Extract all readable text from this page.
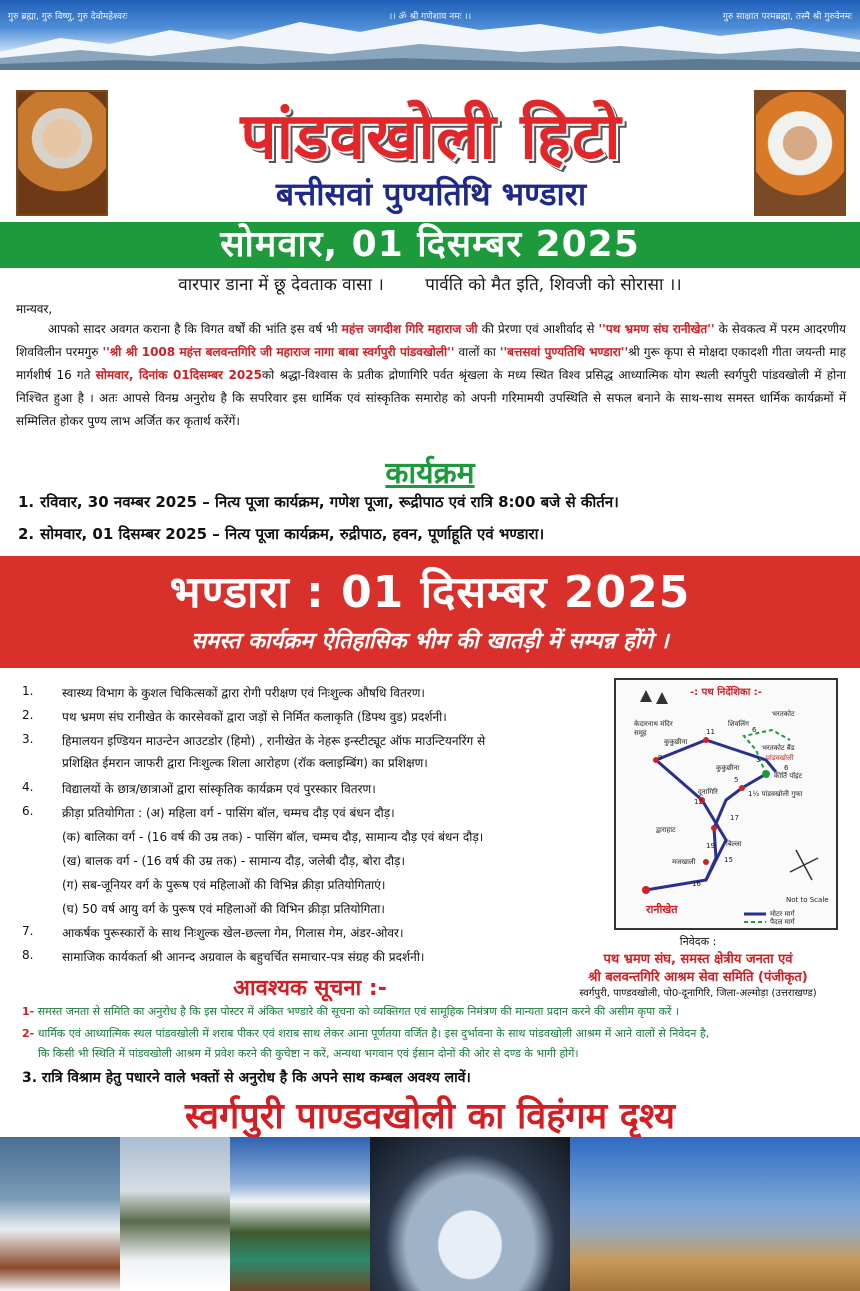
गुरु ब्रह्मा, गुरु विष्णु, गुरु देवोमहेश्वरः	।। ॐ श्री गणेशाय नमः ।।	गुरु साक्षात परमब्रह्मा, तस्मै श्री गुरुवेनमः
पांडवखोली हिटो
बत्तीसवां पुण्यतिथि भण्डारा
सोमवार, 01 दिसम्बर 2025
वारपार डाना में छू देवताक वासा । पार्वति को मैत इति, शिवजी को सोरासा ।।
मान्यवर,
आपको सादर अवगत कराना है कि विगत वर्षों की भांति इस वर्ष भी महंत्त जगदीश गिरि महाराज जी की प्रेरणा एवं आशीर्वाद से ''पथ भ्रमण संघ रानीखेत'' के सेवकत्व में परम आदरणीय शिवविलीन परमगुरु ''श्री श्री 1008 महंत्त बलवन्तगिरि जी महाराज नागा बाबा स्वर्गपुरी पांडवखोली'' वालों का ''बत्तसवां पुण्यतिथि भण्डारा''श्री गुरू कृपा से मोक्षदा एकादशी गीता जयन्ती माह मार्गशीर्ष 16 गते सोमवार, दिनांक 01दिसम्बर 2025को श्रद्धा-विश्वास के प्रतीक द्रोणागिरि पर्वत श्रृंखला के मध्य स्थित विश्व प्रसिद्ध आध्यात्मिक योग स्थली स्वर्गपुरी पांडवखोली में होना निश्चित हुआ है । अतः आपसे विनम्र अनुरोध है कि सपरिवार इस धार्मिक एवं सांस्कृतिक समारोह को अपनी गरिमामयी उपस्थिति से सफल बनाने के साथ-साथ समस्त धार्मिक कार्यक्रमों में सम्मिलित होकर पुण्य लाभ अर्जित कर कृतार्थ करेंगें।
कार्यक्रम
1. रविवार, 30 नवम्बर 2025 – नित्य पूजा कार्यक्रम, गणेश पूजा, रूद्रीपाठ एवं रात्रि 8:00 बजे से कीर्तन।
2. सोमवार, 01 दिसम्बर 2025 – नित्य पूजा कार्यक्रम, रुद्रीपाठ, हवन, पूर्णाहूति एवं भण्डारा।
भण्डारा : 01 दिसम्बर 2025
समस्त कार्यक्रम ऐतिहासिक भीम की खातड़ी में सम्पन्न होंगे ।
1.	स्वास्थ्य विभाग के कुशल चिकित्सकों द्वारा रोगी परीक्षण एवं निःशुल्क औषधि वितरण।
2.	पथ भ्रमण संघ रानीखेत के कारसेवकों द्वारा जड़ों से निर्मित कलाकृति (डिफ्थ वुड) प्रदर्शनी।
3.	हिमालयन इण्डियन माउन्टेन आउटडोर (हिमो) , रानीखेत के नेहरू इन्स्टीट्यूट ऑफ माउन्टियनरिंग से
प्रशिक्षित ईमरान जाफरी द्वारा निःशुल्क शिला आरोहण (रॉक क्लाइम्बिंग) का प्रशिक्षण।
4.	विद्यालयों के छात्र/छात्राओं द्वारा सांस्कृतिक कार्यक्रम एवं पुरस्कार वितरण।
6.	क्रीड़ा प्रतियोगिता : (अ) महिला वर्ग - पासिंग बॉल, चम्मच दौड़ एवं बंधन दौड़।
(क) बालिका वर्ग - (16 वर्ष की उम्र तक) - पासिंग बॉल, चम्मच दौड़, सामान्य दौड़ एवं बंधन दौड़।
(ख) बालक वर्ग - (16 वर्ष की उम्र तक) - सामान्य दौड़, जलेबी दौड़, बोरा दौड़।
(ग) सब-जूनियर वर्ग के पुरूष एवं महिलाओं की विभिन्न क्रीड़ा प्रतियोगिताएं।
(घ) 50 वर्ष आयु वर्ग के पुरूष एवं महिलाओं की विभिन क्रीड़ा प्रतियोगिता।
7.	आकर्षक पुरूस्कारों के साथ निःशुल्क खेल-छल्ला गेम, गिलास गेम, अंडर-ओवर।
8.	सामाजिक कार्यकर्ता श्री आनन्द अग्रवाल के बहुचर्चित समाचार-पत्र संग्रह की प्रदर्शनी।
-: पथ निर्देशिका :-
केदारनाथ मंदिर समूह
कुकुछीना
भरतकोट
भरतकोट बैंड
पांडवखोली
शिवलिंग
कीर्ति पॉइंट
कुकुछीना
दूनागिरि	1½ पांडवखोली गुफा
द्वाराहाट
बिल्ला
मजखाली
रानीखेत
Not to Scale
मोटर मार्ग
पैदल मार्ग
11	6
3
5
6
12
17
19
15
16
9
निवेदक :
पथ भ्रमण संघ, समस्त क्षेत्रीय जनता एवं
श्री बलवन्तगिरि आश्रम सेवा समिति (पंजीकृत)
स्वर्गपुरी, पाण्डवखोली, पो0-दूनागिरि, जिला-अल्मोड़ा (उत्तराखण्ड)
आवश्यक सूचना :-
1- समस्त जनता से समिति का अनुरोध है कि इस पोस्टर में अंकित भण्डारे की सूचना को व्यक्तिगत एवं सामूहिक निमंत्रण की मान्यता प्रदान करने की असीम कृपा करें ।
2- धार्मिक एवं आध्यात्मिक स्थल पांडवखोली में शराब पीकर एवं शराब साथ लेकर आना पूर्णतया वर्जित है। इस दुर्भावना के साथ पांडवखोली आश्रम में आने वालों से निवेदन है,
कि किसी भी स्थिति में पांडवखोली आश्रम में प्रवेश करने की कुचेष्टा न करें, अन्यथा भगवान एवं ईसान दोनों की ओर से दण्ड के भागी होगें।
3. रात्रि विश्राम हेतु पधारने वाले भक्तों से अनुरोध है कि अपने साथ कम्बल अवश्य लावें।
स्वर्गपुरी पाण्डवखोली का विहंगम दृश्य
